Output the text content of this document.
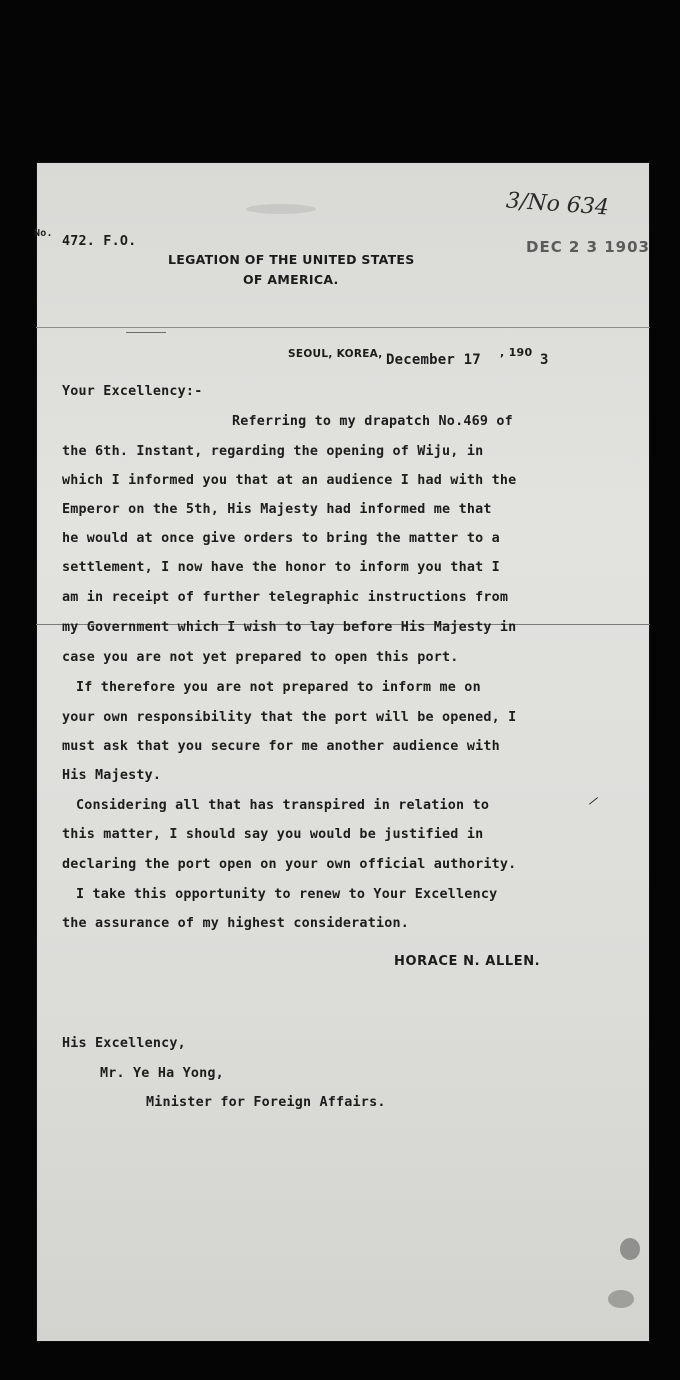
No.
472. F.O.
LEGATION OF THE UNITED STATES
OF AMERICA.
3/No 634
DEC 2 3 1903
SEOUL, KOREA, December 17 , 190 3
Your Excellency:-
Referring to my drapatch No.469 of
the 6th. Instant, regarding the opening of Wiju, in
which I informed you that at an audience I had with the
Emperor on the 5th, His Majesty had informed me that
he would at once give orders to bring the matter to a
settlement, I now have the honor to inform you that I
am in receipt of further telegraphic instructions from
my Government which I wish to lay before His Majesty in
case you are not yet prepared to open this port.
If therefore you are not prepared to inform me on
your own responsibility that the port will be opened, I
must ask that you secure for me another audience with
His Majesty.
Considering all that has transpired in relation to
this matter, I should say you would be justified in
declaring the port open on your own official authority.
I take this opportunity to renew to Your Excellency
the assurance of my highest consideration.
⸝
HORACE N. ALLEN.
His Excellency,
Mr. Ye Ha Yong,
Minister for Foreign Affairs.
